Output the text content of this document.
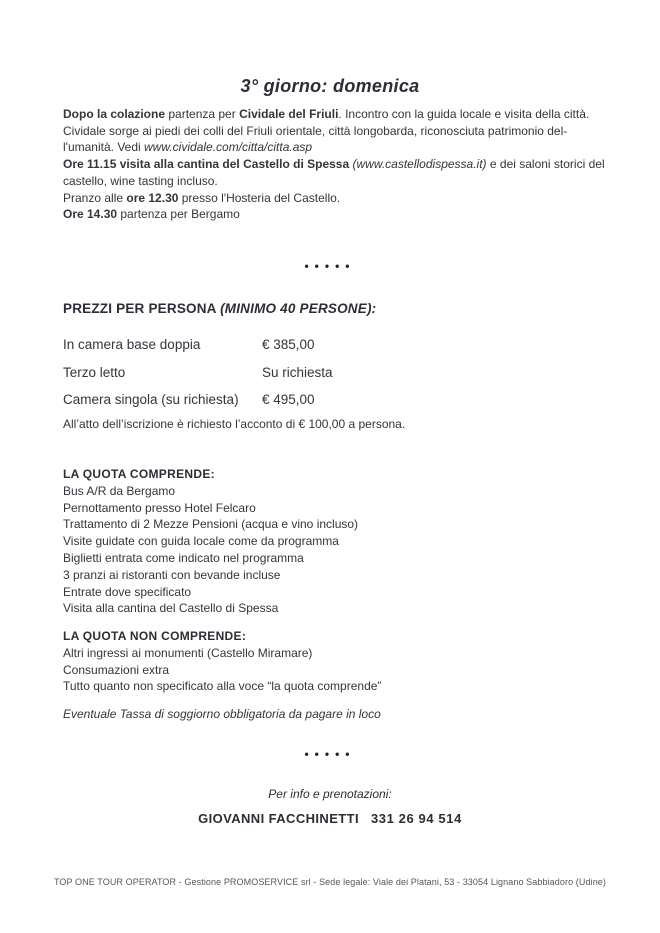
3° giorno: domenica
Dopo la colazione partenza per Cividale del Friuli. Incontro con la guida locale e visita della città.
Cividale sorge ai piedi dei colli del Friuli orientale, città longobarda, riconosciuta patrimonio del-
l'umanità. Vedi www.cividale.com/citta/citta.asp
Ore 11.15 visita alla cantina del Castello di Spessa (www.castellodispessa.it) e dei saloni storici del
castello, wine tasting incluso.
Pranzo alle ore 12.30 presso l'Hosteria del Castello.
Ore 14.30 partenza per Bergamo
•••••
PREZZI PER PERSONA (MINIMO 40 PERSONE):
In camera base doppia	€ 385,00
Terzo letto	Su richiesta
Camera singola (su richiesta)	€ 495,00
All’atto dell’iscrizione è richiesto l’acconto di € 100,00 a persona.
LA QUOTA COMPRENDE:
Bus A/R da Bergamo
Pernottamento presso Hotel Felcaro
Trattamento di 2 Mezze Pensioni (acqua e vino incluso)
Visite guidate con guida locale come da programma
Biglietti entrata come indicato nel programma
3 pranzi ai ristoranti con bevande incluse
Entrate dove specificato
Visita alla cantina del Castello di Spessa
LA QUOTA NON COMPRENDE:
Altri ingressi ai monumenti (Castello Miramare)
Consumazioni extra
Tutto quanto non specificato alla voce “la quota comprende”
Eventuale Tassa di soggiorno obbligatoria da pagare in loco
•••••
Per info e prenotazioni:
GIOVANNI FACCHINETTI 331 26 94 514
TOP ONE TOUR OPERATOR - Gestione PROMOSERVICE srl - Sede legale: Viale dei Platani, 53 - 33054 Lignano Sabbiadoro (Udine)
